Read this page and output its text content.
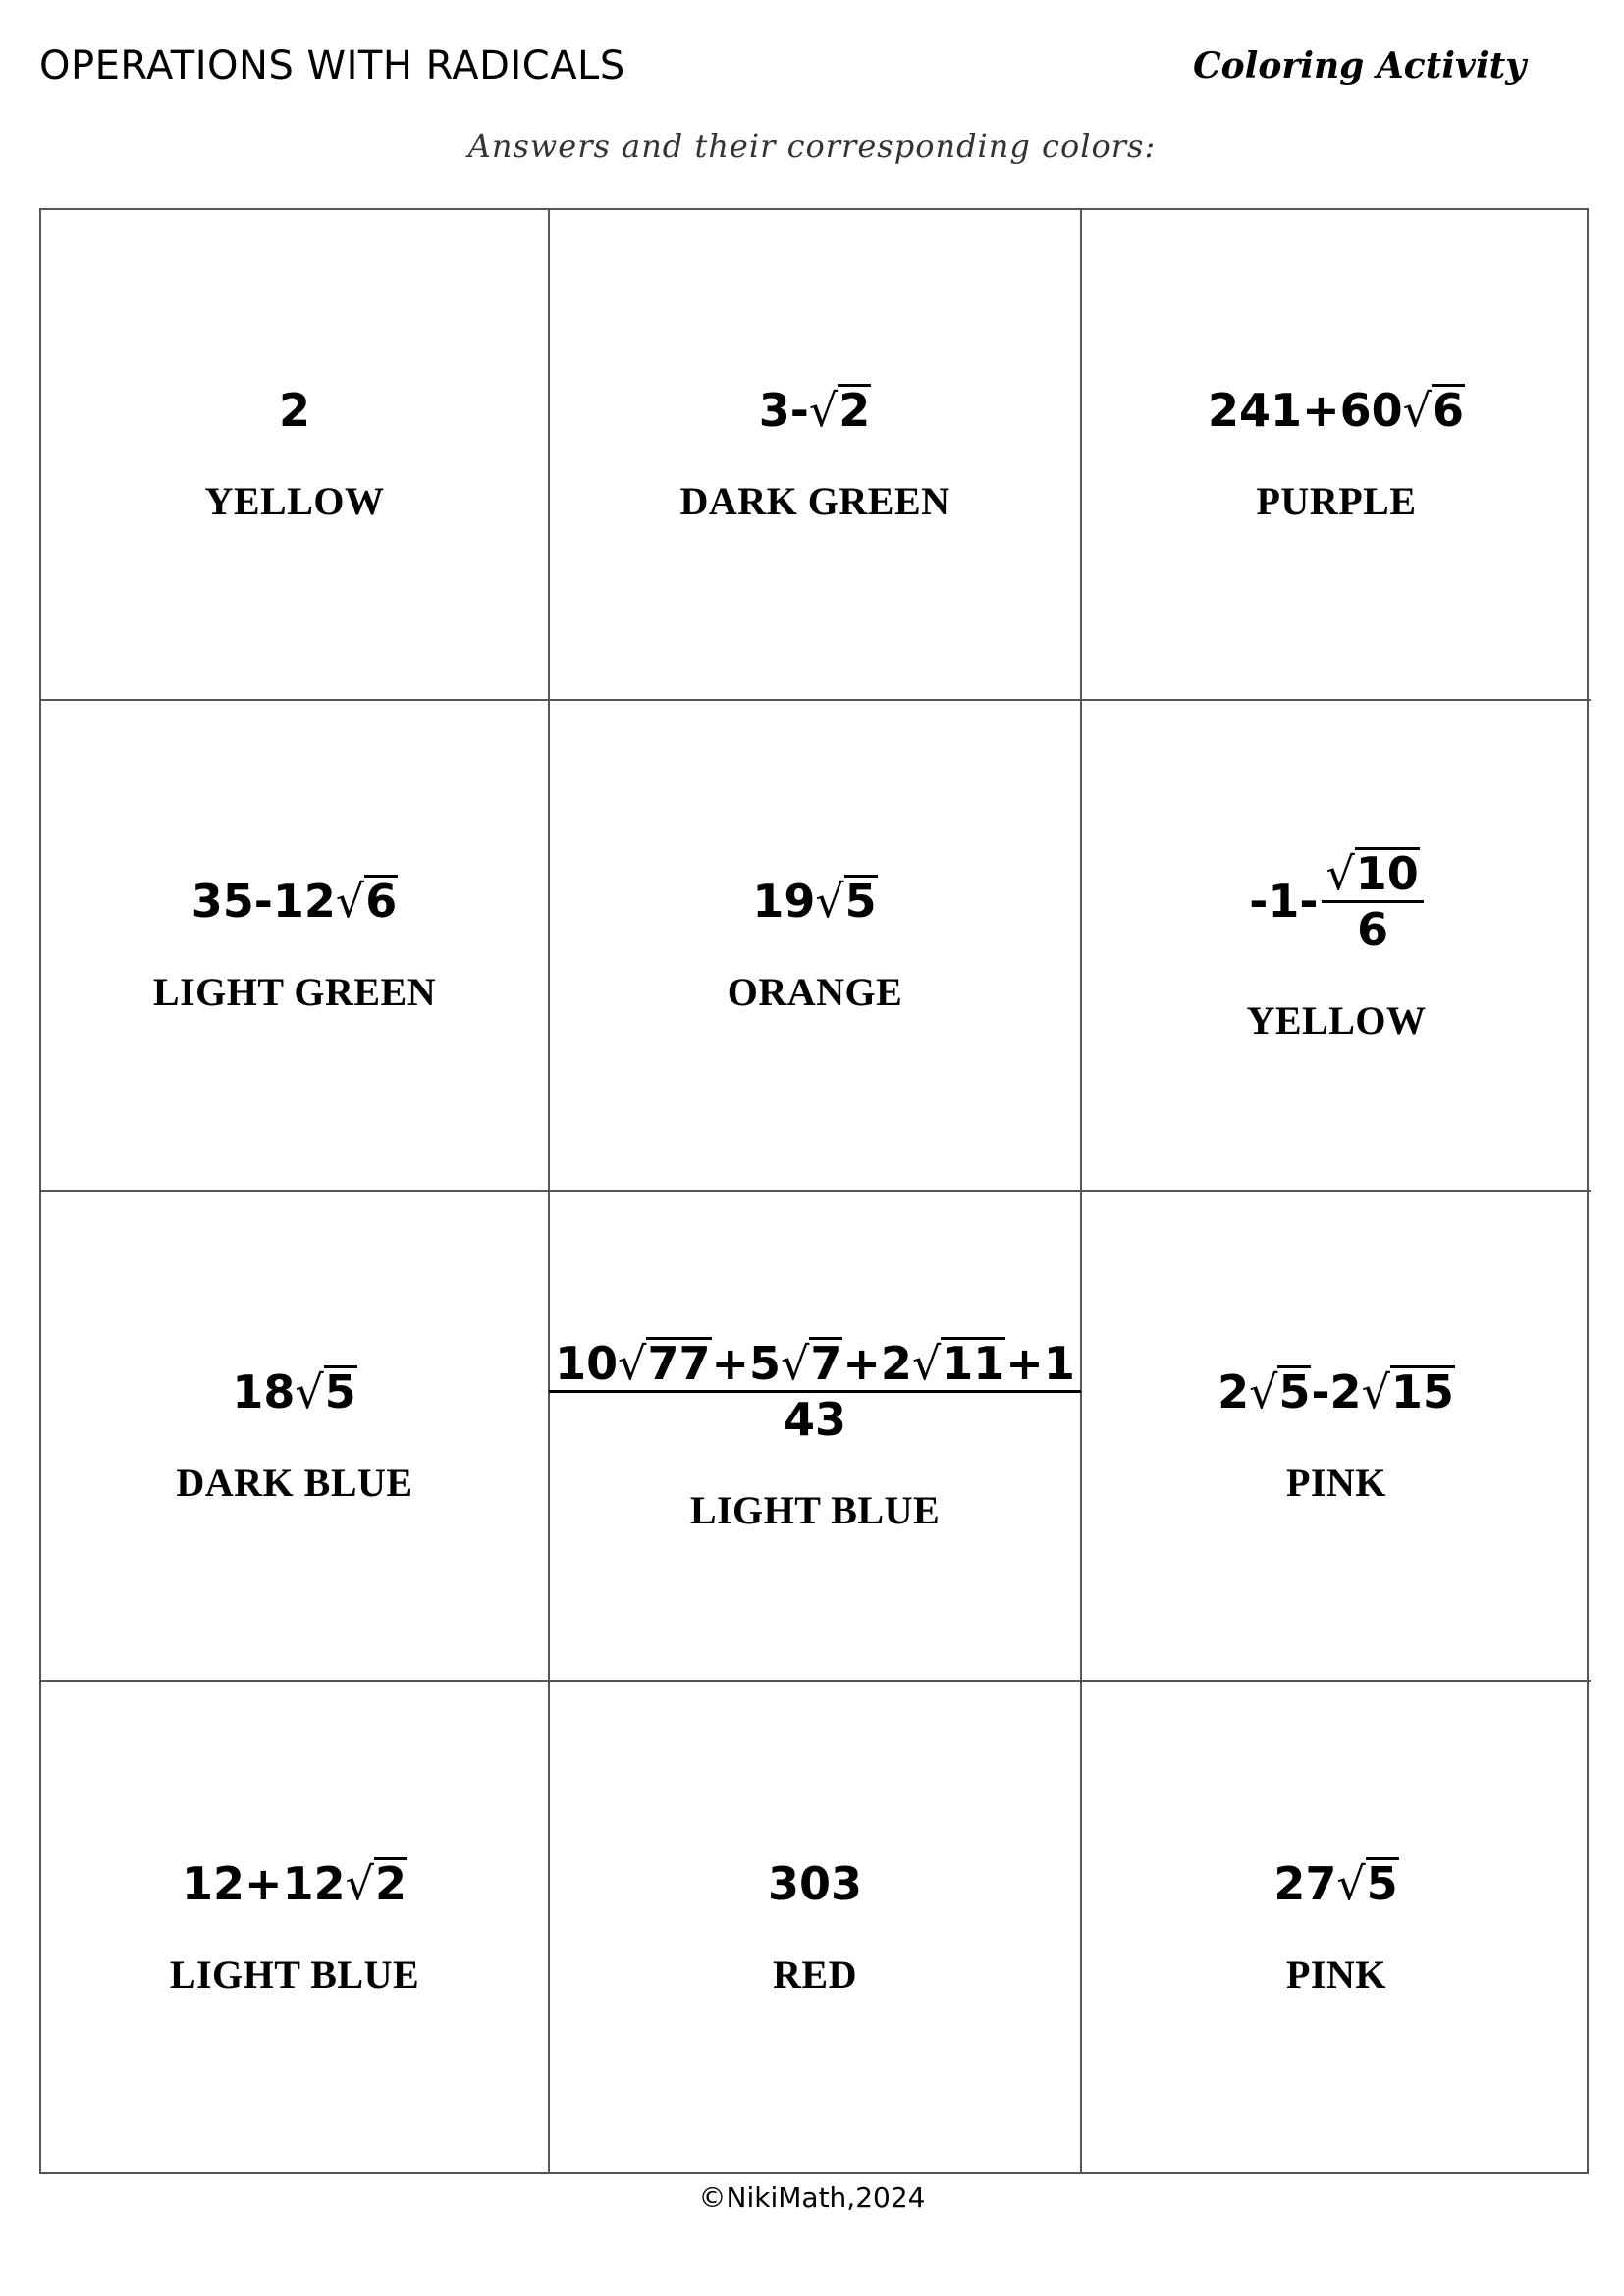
OPERATIONS WITH RADICALS	Coloring Activity
Answers and their corresponding colors:
2
YELLOW
3- √ 2
DARK GREEN
241+60 √ 6
PURPLE
35-12 √ 6
LIGHT GREEN
19 √ 5
ORANGE
$-1- \frac{√ 10}{6}$
YELLOW
18 √ 5
DARK BLUE
10 √ 77 +5 √ 7 +2 √ 11 +1
43
LIGHT BLUE
2 √ 5 -2 √ 15
PINK
12+12 √ 2
LIGHT BLUE
303
RED
27 √ 5
PINK
©NikiMath,2024
